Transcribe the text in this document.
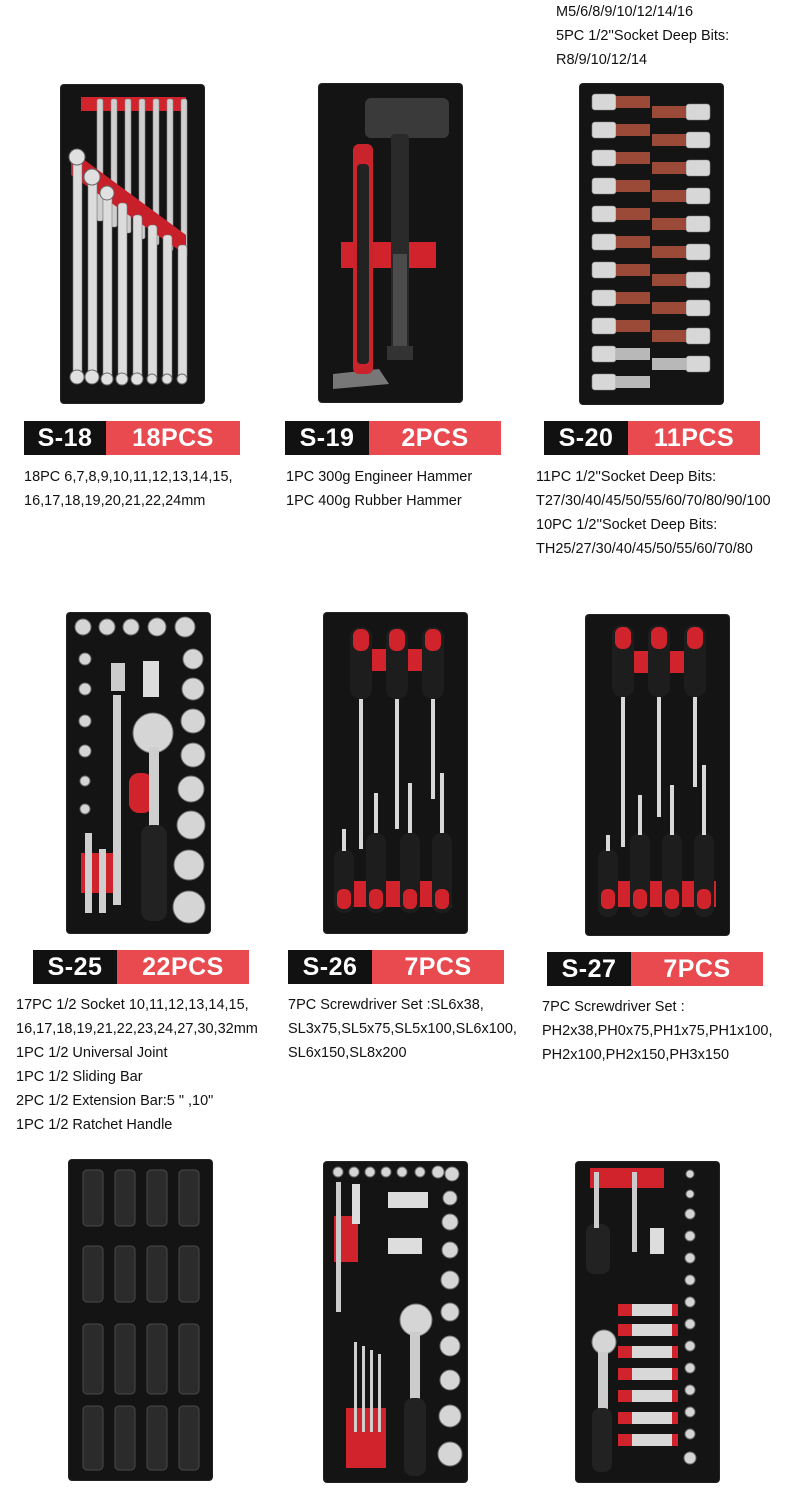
M5/6/8/9/10/12/14/16
5PC 1/2''Socket Deep Bits:
R8/9/10/12/14
S-18	18PCS	S-19	2PCS	S-20	11PCS
18PC 6,7,8,9,10,11,12,13,14,15,
16,17,18,19,20,21,22,24mm
1PC 300g Engineer Hammer
1PC 400g Rubber Hammer
11PC 1/2''Socket Deep Bits:
T27/30/40/45/50/55/60/70/80/90/100
10PC 1/2''Socket Deep Bits:
TH25/27/30/40/45/50/55/60/70/80
S-25	22PCS	S-26	7PCS	S-27	7PCS
17PC 1/2 Socket 10,11,12,13,14,15,
16,17,18,19,21,22,23,24,27,30,32mm
1PC 1/2 Universal Joint
1PC 1/2 Sliding Bar
2PC 1/2 Extension Bar:5 " ,10"
1PC 1/2 Ratchet Handle
7PC Screwdriver Set :SL6x38,
SL3x75,SL5x75,SL5x100,SL6x100,
SL6x150,SL8x200
7PC Screwdriver Set :
PH2x38,PH0x75,PH1x75,PH1x100,
PH2x100,PH2x150,PH3x150
